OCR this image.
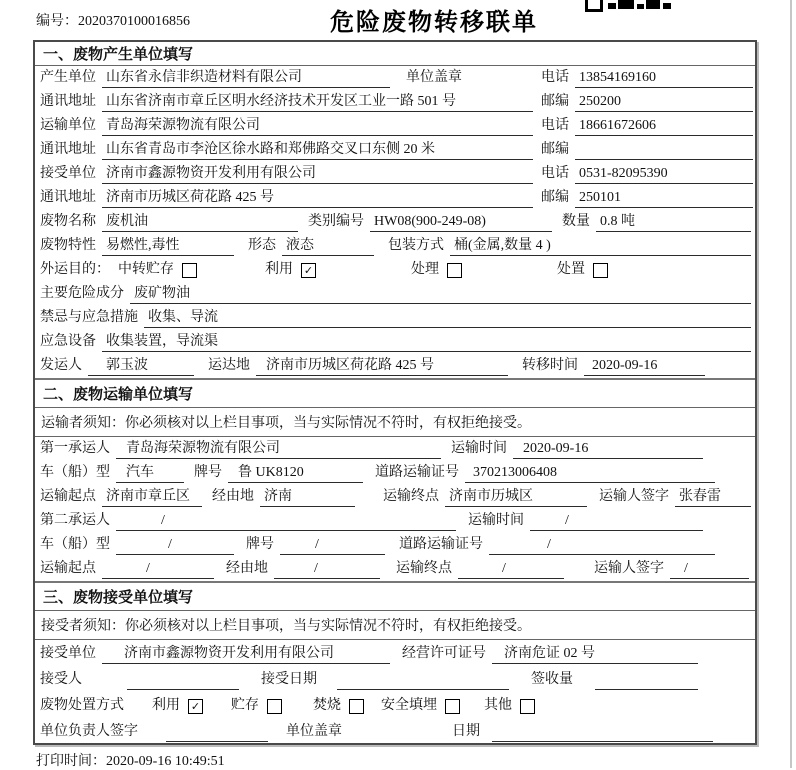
编号：2020370100016856	危险废物转移联单
一、废物产生单位填写
产生单位 山东省永信非织造材料有限公司	单位盖章	电话 13854169160
通讯地址 山东省济南市章丘区明水经济技术开发区工业一路 501 号	邮编 250200
运输单位 青岛海荣源物流有限公司	电话 18661672606
通讯地址 山东省青岛市李沧区徐水路和郑佛路交叉口东侧 20 米	邮编
接受单位 济南市鑫源物资开发利用有限公司	电话 0531-82095390
通讯地址 济南市历城区荷花路 425 号	邮编 250101
废物名称 废机油	类别编号 HW08(900-249-08)	数量 0.8 吨
废物特性 易燃性,毒性	形态 液态	包装方式 桶(金属,数量 4 )
外运目的： 中转贮存	利用 ✓	处理	处置
主要危险成分 废矿物油
禁忌与应急措施 收集、导流
应急设备 收集装置，导流渠
发运人	郭玉波	运达地	济南市历城区荷花路 425 号	转移时间	2020-09-16
二、废物运输单位填写
运输者须知： 你必须核对以上栏目事项，当与实际情况不符时，有权拒绝接受。
第一承运人	青岛海荣源物流有限公司	运输时间	2020-09-16
车（船）型	汽车	牌号	鲁 UK8120	道路运输证号	370213006408
运输起点 济南市章丘区	经由地 济南	运输终点 济南市历城区	运输人签字 张春雷
第二承运人	/	运输时间	/
车（船）型	/	牌号	/	道路运输证号	/
运输起点	/	经由地	/	运输终点	/	运输人签字	/
三、废物接受单位填写
接受者须知： 你必须核对以上栏目事项，当与实际情况不符时，有权拒绝接受。
接受单位	济南市鑫源物资开发利用有限公司	经营许可证号	济南危证 02 号
接受人	接受日期	签收量
废物处置方式 利用 ✓ 贮存	焚烧	安全填埋	其他
单位负责人签字	单位盖章	日期
打印时间：2020-09-16 10:49:51
